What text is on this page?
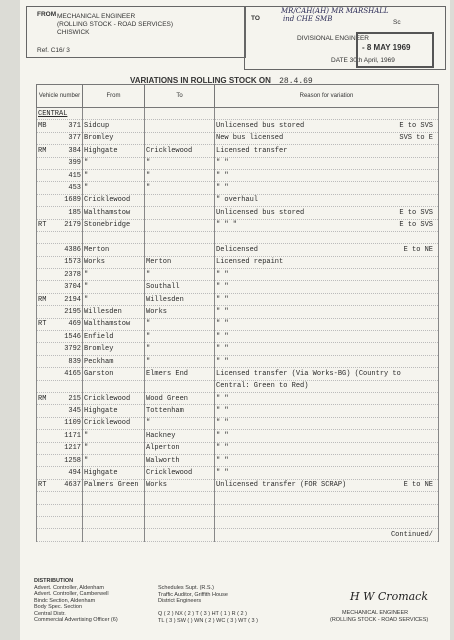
FROM MECHANICAL ENGINEER
(ROLLING STOCK - ROAD SERVICES)
CHISWICK
Ref. C16/ 3
TO
MR/CAH(AH) MR MARSHALL
ind CHE SMB	Sc
DIVISIONAL ENGINEER
DATE 30th April, 1969
- 8 MAY 1969
VARIATIONS IN ROLLING STOCK ON 28.4.69
Vehicle number	From	To	Reason for variation
CENTRAL			

MB 371	Sidcup		Unlicensed bus stored E to SVS

377	Bromley		New bus licensed SVS to E

RM 384	Highgate	Cricklewood	Licensed transfer

399	"	"	" "

415	"	"	" "

453	"	"	" "

1689	Cricklewood		" overhaul

185	Walthamstow		Unlicensed bus stored E to SVS

RT 2179	Stonebridge		" " " E to SVS

4386	Merton		Delicensed E to NE

1573	Works	Merton	Licensed repaint

2378	"	"	" "

3704	"	Southall	" "

RM 2194	"	Willesden	" "

2195	Willesden	Works	" "

RT 469	Walthamstow	"	" "

1546	Enfield	"	" "

3792	Bromley	"	" "

839	Peckham	"	" "

4165	Garston	Elmers End	Licensed transfer (Via Works-BG) (Country to

			Central: Green to Red)

RM 215	Cricklewood	Wood Green	" "

345	Highgate	Tottenham	" "

1109	Cricklewood	"	" "

1171	"	Hackney	" "

1217	"	Alperton	" "

1258	"	Walworth	" "

494	Highgate	Cricklewood	" "

RT 4637	Palmers Green	Works	Unlicensed transfer (FOR SCRAP) E to NE

			Continued/
DISTRIBUTION
Advert. Controller, Aldenham
Advert. Controller, Camberwell
Bindc Section, Aldenham
Body Spec. Section
Central Distr.
Commercial Advertising Officer (6)
Schedules Supt. (R.S.)
Traffic Auditor, Griffith House
District Engineers
Q ( 2 ) NX ( 2 ) T ( 3 ) HT ( 1 ) R ( 2 )
TL ( 3 ) SW ( ) WN ( 2 ) WC ( 3 ) WT ( 3 )
H W Cromack
MECHANICAL ENGINEER
(ROLLING STOCK - ROAD SERVICES)
